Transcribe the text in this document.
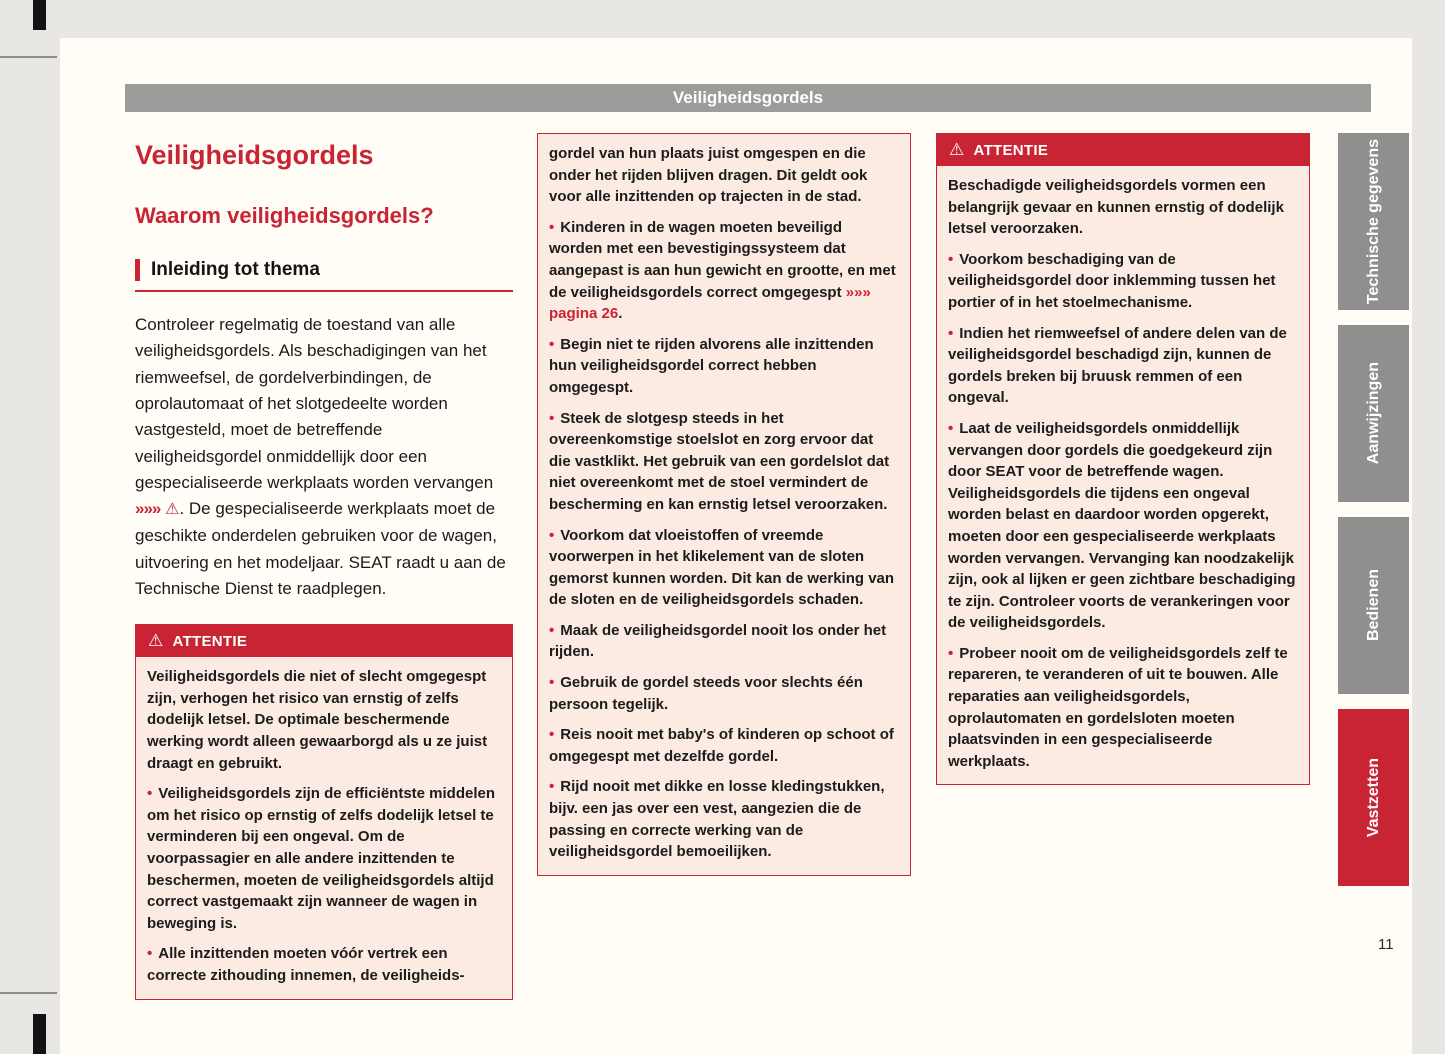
Veiligheidsgordels
Veiligheidsgordels
Waarom veiligheidsgordels?
Inleiding tot thema

Controleer regelmatig de toestand van alle veiligheidsgordels. Als beschadigingen van het riemweefsel, de gordelverbindingen, de oprolautomaat of het slotgedeelte worden vastgesteld, moet de betreffende veiligheidsgordel onmiddellijk door een gespecialiseerde werkplaats worden vervangen »»» ⚠. De gespecialiseerde werkplaats moet de geschikte onderdelen gebruiken voor de wagen, uitvoering en het modeljaar. SEAT raadt u aan de Technische Dienst te raadplegen.

⚠ ATTENTIE

Veiligheidsgordels die niet of slecht omgegespt zijn, verhogen het risico van ernstig of zelfs dodelijk letsel. De optimale beschermende werking wordt alleen gewaarborgd als u ze juist draagt en gebruikt.

• Veiligheidsgordels zijn de efficiëntste middelen om het risico op ernstig of zelfs dodelijk letsel te verminderen bij een ongeval. Om de voorpassagier en alle andere inzittenden te beschermen, moeten de veiligheidsgordels altijd correct vastgemaakt zijn wanneer de wagen in beweging is.

• Alle inzittenden moeten vóór vertrek een correcte zithouding innemen, de veiligheids-

gordel van hun plaats juist omgespen en die onder het rijden blijven dragen. Dit geldt ook voor alle inzittenden op trajecten in de stad.

• Kinderen in de wagen moeten beveiligd worden met een bevestigingssysteem dat aangepast is aan hun gewicht en grootte, en met de veiligheidsgordels correct omgegespt »»» pagina 26.

• Begin niet te rijden alvorens alle inzittenden hun veiligheidsgordel correct hebben omgegespt.

• Steek de slotgesp steeds in het overeenkomstige stoelslot en zorg ervoor dat die vastklikt. Het gebruik van een gordelslot dat niet overeenkomt met de stoel vermindert de bescherming en kan ernstig letsel veroorzaken.

• Voorkom dat vloeistoffen of vreemde voorwerpen in het klikelement van de sloten gemorst kunnen worden. Dit kan de werking van de sloten en de veiligheidsgordels schaden.

• Maak de veiligheidsgordel nooit los onder het rijden.

• Gebruik de gordel steeds voor slechts één persoon tegelijk.

• Reis nooit met baby's of kinderen op schoot of omgegespt met dezelfde gordel.

• Rijd nooit met dikke en losse kledingstukken, bijv. een jas over een vest, aangezien die de passing en correcte werking van de veiligheidsgordel bemoeilijken.

⚠ ATTENTIE

Beschadigde veiligheidsgordels vormen een belangrijk gevaar en kunnen ernstig of dodelijk letsel veroorzaken.

• Voorkom beschadiging van de veiligheidsgordel door inklemming tussen het portier of in het stoelmechanisme.

• Indien het riemweefsel of andere delen van de veiligheidsgordel beschadigd zijn, kunnen de gordels breken bij bruusk remmen of een ongeval.

• Laat de veiligheidsgordels onmiddellijk vervangen door gordels die goedgekeurd zijn door SEAT voor de betreffende wagen. Veiligheidsgordels die tijdens een ongeval worden belast en daardoor worden opgerekt, moeten door een gespecialiseerde werkplaats worden vervangen. Vervanging kan noodzakelijk zijn, ook al lijken er geen zichtbare beschadiging te zijn. Controleer voorts de verankeringen voor de veiligheidsgordels.

• Probeer nooit om de veiligheidsgordels zelf te repareren, te veranderen of uit te bouwen. Alle reparaties aan veiligheidsgordels, oprolautomaten en gordelsloten moeten plaatsvinden in een gespecialiseerde werkplaats.

11
Technische gegevens
Aanwijzingen
Bedienen
Vastzetten
